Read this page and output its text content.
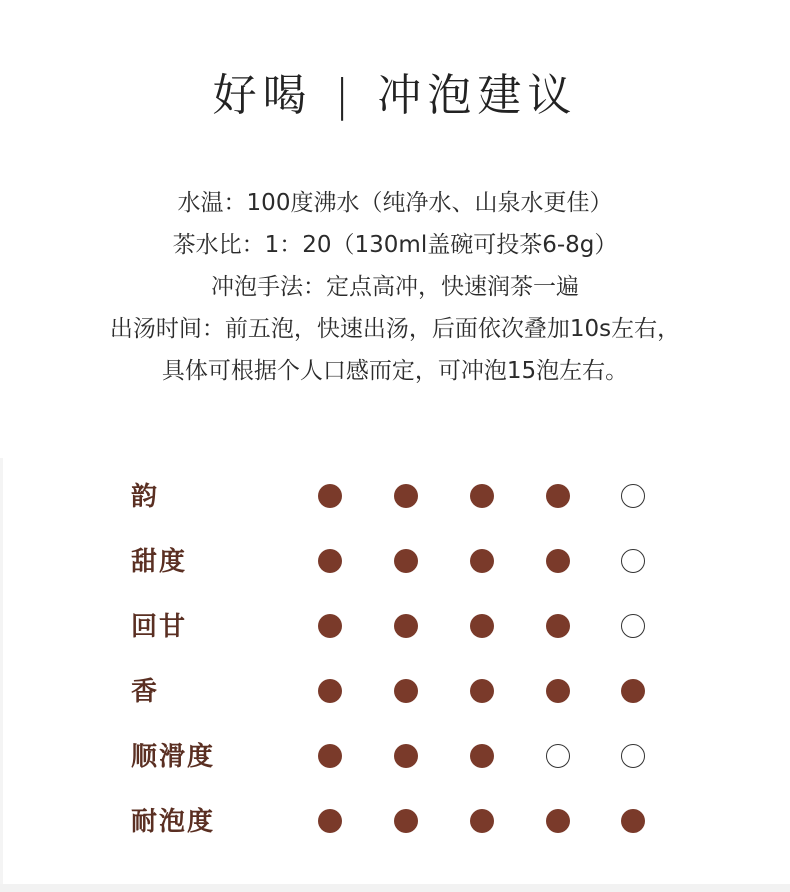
好喝 | 冲泡建议
水温：100度沸水（纯净水、山泉水更佳）
茶水比：1：20（130ml盖碗可投茶6-8g）
冲泡手法：定点高冲，快速润茶一遍
出汤时间：前五泡，快速出汤，后面依次叠加10s左右，
具体可根据个人口感而定，可冲泡15泡左右。
韵
甜度
回甘
香
顺滑度
耐泡度
